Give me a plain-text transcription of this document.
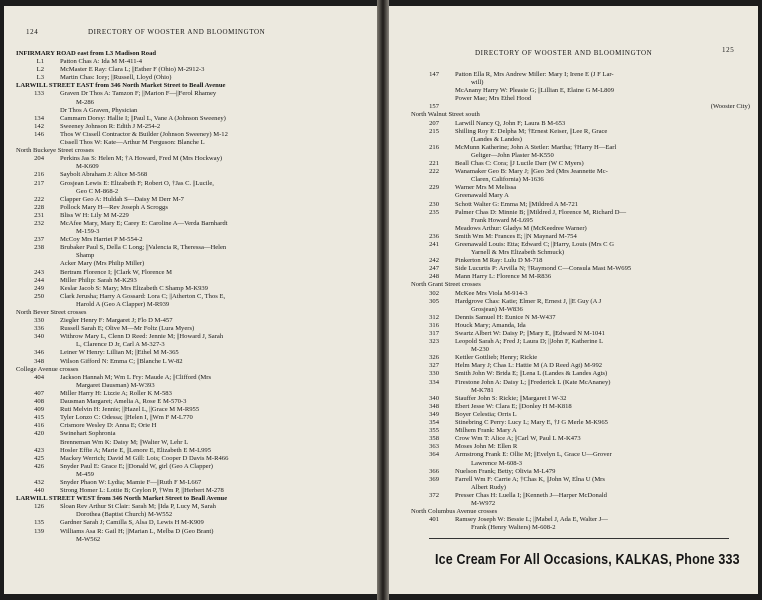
124	DIRECTORY OF WOOSTER AND BLOOMINGTON
INFIRMARY ROAD east from L3 Madison Road
L1 Patton Chas A: Ida M M-411-4
L2 McMaster E Ray: Clara L; ||Esther F (Ohio) M-2912-3
L3 Martin Chas: Icey; ||Russell, Lloyd (Ohio)
LARWILL STREET EAST from 346 North Market Street to Beall Avenue
133 Graven Dr Thos A: Tamzon F; ||Marion F—||Ferol Rhamey
M-286
Dr Thos A Graven, Physician
134 Cammarn Dorsy: Hallie I; ||Paul L, Vane A (Johnson Sweeney)
142 Sweeney Johnson R: Edith J M-254-2
146 Thos W Cissell Contractor & Builder (Johnson Sweeney) M-12
Cissell Thos W: Kate—Arthur M Ferguson: Blanche L
North Buckeye Street crosses
204 Perkins Jas S: Helen M; †A Howard, Fred M (Mrs Hockway)
M-K609
216 Saybolt Abraham J: Alice M-568
217 Grosjean Lewis E: Elizabeth F; Robert O, †Jas C. ||Lucile,
Geo C M-868-2
222 Clapper Geo A: Huldah S—Daisy M Derr M-7
228 Pollock Mary H—Rev Joseph A Scroggs
231 Bliss W H: Lily M M-229
232 McAfee Mary, Mary E; Carey E: Caroline A—Verda Barnhardt
M-159-3
237 McCoy Mrs Harriet P M-554-2
238 Brubaker Paul S, Della C Long; ||Valencia R, Theressa—Helen
Shamp
Acker Mary (Mrs Philip Miller)
243 Bertram Florence I; ||Clark W, Florence M
244 Miller Philip: Sarah M-K293
249 Keslar Jacob S: Mary; Mrs Elizabeth C Shamp M-K939
250 Clark Jerusha; Harry A Gossard: Lora C; ||Atherton C, Thos E,
Harold A (Geo A Clapper) M-R939
North Bever Street crosses
330 Ziegler Henry F: Margaret J; Flo D M-457
336 Russell Sarah E; Olive M—Mr Foltz (Lura Myers)
340 Withrow Mary L, Clenn D Reed: Jennie M; ||Howard J, Sarah
L, Clarence D Jr, Carl A M-327-3
346 Leiner W Henry: Lillian M; ||Ethel M M-365
348 Wilson Gifford N: Emma C; ||Blanche L W-82
College Avenue crosses
404 Jackson Hannah M; Wm L Fry: Maude A; ||Clifford (Mrs
Margaret Dausman) M-W393
407 Miller Harry H: Lizzie A; Roller K M-583
408 Dausman Margaret; Amelia A, Rose E M-570-3
409 Ruti Melvin H: Jennie; ||Hazel L, ||Grace M M-R955
415 Tyler Lonzo C: Odessa; ||Helen I, ||Wm F M-L770
416 Crismore Wesley D: Anna E; Orie H
420 Swinehart Sophronia
Brenneman Wm K: Daisy M; ||Walter W, Lehr L
423 Hosler Effie A; Marie E, ||Lenore E, Elizabeth E M-L995
425 Mackey Werrich; David M Gill: Lois; Cooper D Davis M-R466
426 Snyder Paul E: Grace E; ||Donald W, girl (Geo A Clapper)
M-459
432 Snyder Phaon W: Lydia; Mamie F—||Ruth F M-L667
440 Strong Homer L: Lottie B; Ceylon P, †Wm P, ||Herbert M-278
LARWILL STREET WEST from 346 North Market Street to Beall Avenue
126 Sloan Rev Arthur St Clair: Sarah M; ||Ida P, Lucy M, Sarah
Dorothea (Baptist Church) M-W552
135 Gardner Sarah J; Camilla S, Alsa D, Lewis H M-K909
139 Williams Asa R: Gail H; ||Marian L, Melba D (Geo Brant)
M-W562
DIRECTORY OF WOOSTER AND BLOOMINGTON	125
147 Patton Ella R, Mrs Andrew Miller: Mary I; Irene E (J F Lar-
will)
McAnany Harry W: Pleasie G; ||Lillian E, Elaine G M-L809
Power Mae; Mrs Ethel Hood
157	(Wooster City)
North Walnut Street south
207 Larwill Nancy Q, John F; Laura B M-653
215 Shilling Roy E: Delpha M; †Ernest Keiser, ||Lee R, Grace
(Landes & Landes)
216 McMunn Katherine; John A Stetler: Martha; †Harry H—Earl
Geltger—John Plaster M-K550
221 Beall Chas C: Cora; ||J Lucile Darr (W C Myers)
222 Wanamaker Geo B: Mary J; ||Geo 3rd (Mrs Jeannette Mc-
Claren, California) M-1636
229 Warner Mrs M Melissa
Greenawald Mary A
230 Schott Walter G: Emma M; ||Mildred A M-721
235 Palmer Chas D: Minnie B; ||Mildred J, Florence M, Richard D—
Frank Howard M-L695
Meadows Arthur: Gladys M (McKeedree Warner)
236 Smith Wm M: Frances E; ||N Maynard M-754
241 Greenawald Louis: Etta; Edward C; ||Harry, Louis (Mrs C G
Yarnell & Mrs Elizabeth Schmuck)
242 Pinkerton M Ray: Lulu D M-718
247 Side Lucurtis P: Arvilla N; †Raymond C—Consula Mast M-W695
248 Mann Harry L: Florence M M-R836
North Grant Street crosses
302 McKee Mrs Viola M-914-3
305 Hardgrove Chas: Katie; Elmer R, Ernest J, ||E Guy (A J
Grosjean) M-W836
312 Dennis Samuel H: Eunice N M-W437
316 Houck Mary; Amanda, Ida
317 Swartz Albert W: Daisy P; ||Mary E, ||Edward N M-1041
323 Leopold Sarah A; Fred J; Laura D; ||John F, Katherine L
M-230
326 Kettler Gottlieb; Henry; Rickie
327 Helm Mary J; Chas L: Hattie M (A D Reed Agt) M-992
330 Smith John W: Brida E; ||Lena L (Landes & Landes Agts)
334 Firestone John A: Daisy L; ||Frederick L (Kate McAnaney)
M-K781
340 Stauffer John S: Rickie; ||Margaret I W-32
348 Ebert Jesse W: Clara E; ||Donley H M-K818
349 Boyer Celestia; Orris L
354 Stinebring C Perry: Lucy L; Mary E, †J G Merle M-K965
355 Milhem Frank: Mary A
358 Crow Wm T: Alice A; ||Carl W, Paul L M-K473
363 Moses John M: Ellen R
364 Armstrong Frank E: Ollie M; ||Evelyn L, Grace U—Grover
Lawrence M-608-3
366 Nuelson Frank; Betty; Olivia M-L479
369 Farrell Wm F: Carrie A; †Chas K, ||John W, Elna U (Mrs
Albert Rudy)
372 Presser Chas H: Luella I; ||Kenneth J—Harper McDonald
M-W972
North Columbus Avenue crosses
401 Ramsey Joseph W: Bessie L; ||Mabel J, Ada E, Walter J—
Frank (Henry Walters) M-608-2
Ice Cream For All Occasions, KALKAS, Phone 333
